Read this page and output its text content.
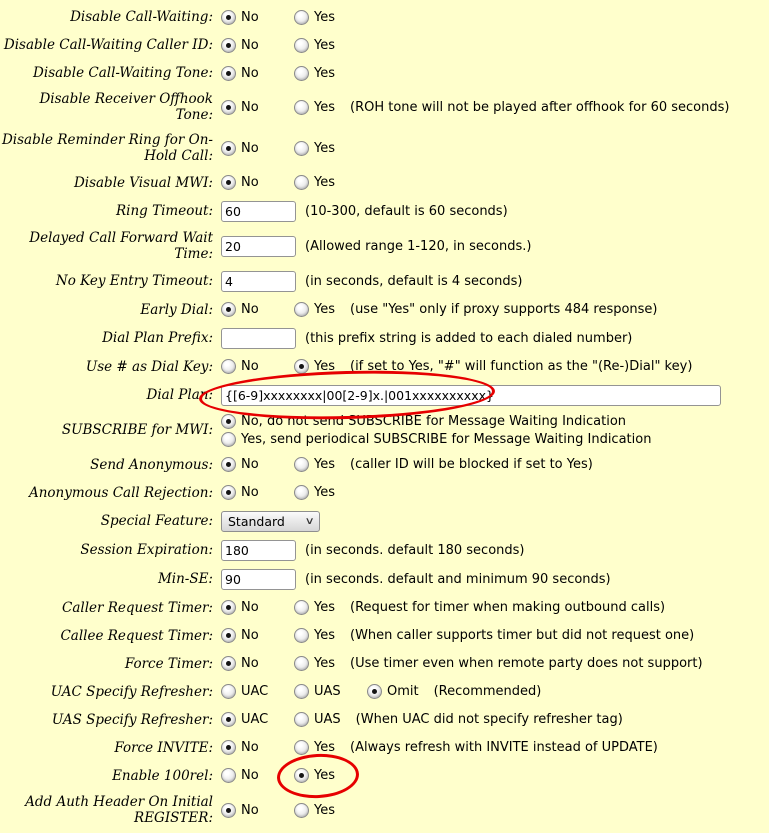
Disable Call-Waiting:	No	Yes
Disable Call-Waiting Caller ID:	No	Yes
Disable Call-Waiting Tone:	No	Yes
Disable Receiver Offhook Tone:	No	Yes (ROH tone will not be played after offhook for 60 seconds)
Disable Reminder Ring for On-Hold Call:	No	Yes
Disable Visual MWI:	No	Yes
Ring Timeout:
60	(10-300, default is 60 seconds)
Delayed Call Forward Wait Time:
20	(Allowed range 1-120, in seconds.)
No Key Entry Timeout:
4	(in seconds, default is 4 seconds)
Early Dial:	No	Yes (use "Yes" only if proxy supports 484 response)
Dial Plan Prefix:	(this prefix string is added to each dialed number)
Use # as Dial Key:	No	Yes (if set to Yes, "#" will function as the "(Re-)Dial" key)
Dial Plan:
{[6-9]xxxxxxxx|00[2-9]x.|001xxxxxxxxxx}
SUBSCRIBE for MWI:
No, do not send SUBSCRIBE for Message Waiting Indication
Yes, send periodical SUBSCRIBE for Message Waiting Indication
Send Anonymous:	No	Yes (caller ID will be blocked if set to Yes)
Anonymous Call Rejection:	No	Yes
Special Feature: Standard ∨
Session Expiration:
180	(in seconds. default 180 seconds)
Min-SE:
90	(in seconds. default and minimum 90 seconds)
Caller Request Timer:	No	Yes (Request for timer when making outbound calls)
Callee Request Timer:	No	Yes (When caller supports timer but did not request one)
Force Timer:	No	Yes (Use timer even when remote party does not support)
UAC Specify Refresher:	UAC	UAS	Omit (Recommended)
UAS Specify Refresher:	UAC	UAS (When UAC did not specify refresher tag)
Force INVITE:	No	Yes (Always refresh with INVITE instead of UPDATE)
Enable 100rel:	No	Yes
Add Auth Header On Initial REGISTER:	No	Yes
